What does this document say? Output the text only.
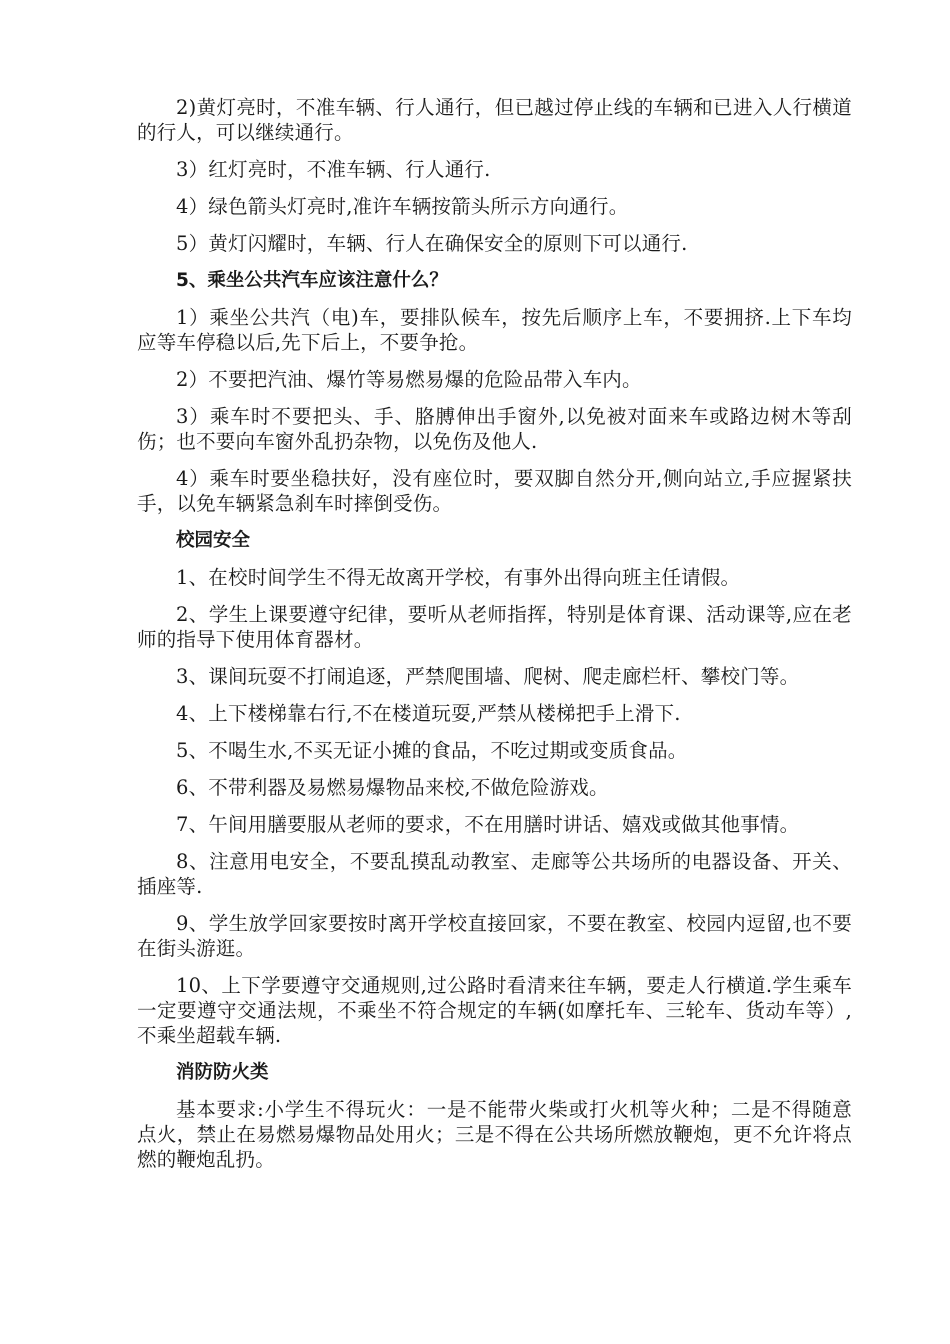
2)黄灯亮时，不准车辆、行人通行，但已越过停止线的车辆和已进入人行横道的行人，可以继续通行。

3）红灯亮时，不准车辆、行人通行.

4）绿色箭头灯亮时,准许车辆按箭头所示方向通行。

5）黄灯闪耀时，车辆、行人在确保安全的原则下可以通行.

5、乘坐公共汽车应该注意什么？

1）乘坐公共汽（电)车，要排队候车，按先后顺序上车，不要拥挤.上下车均应等车停稳以后,先下后上，不要争抢。

2）不要把汽油、爆竹等易燃易爆的危险品带入车内。

3）乘车时不要把头、手、胳膊伸出手窗外,以免被对面来车或路边树木等刮伤；也不要向车窗外乱扔杂物，以免伤及他人.

4）乘车时要坐稳扶好，没有座位时，要双脚自然分开,侧向站立,手应握紧扶手，以免车辆紧急刹车时摔倒受伤。

校园安全

1、在校时间学生不得无故离开学校，有事外出得向班主任请假。

2、学生上课要遵守纪律，要听从老师指挥，特别是体育课、活动课等,应在老师的指导下使用体育器材。

3、课间玩耍不打闹追逐，严禁爬围墙、爬树、爬走廊栏杆、攀校门等。

4、上下楼梯靠右行,不在楼道玩耍,严禁从楼梯把手上滑下.

5、不喝生水,不买无证小摊的食品，不吃过期或变质食品。

6、不带利器及易燃易爆物品来校,不做危险游戏。

7、午间用膳要服从老师的要求，不在用膳时讲话、嬉戏或做其他事情。

8、注意用电安全，不要乱摸乱动教室、走廊等公共场所的电器设备、开关、插座等.

9、学生放学回家要按时离开学校直接回家，不要在教室、校园内逗留,也不要在街头游逛。

10、上下学要遵守交通规则,过公路时看清来往车辆，要走人行横道.学生乘车一定要遵守交通法规，不乘坐不符合规定的车辆(如摩托车、三轮车、货动车等）,不乘坐超载车辆.

消防防火类

基本要求:小学生不得玩火：一是不能带火柴或打火机等火种；二是不得随意点火，禁止在易燃易爆物品处用火；三是不得在公共场所燃放鞭炮，更不允许将点燃的鞭炮乱扔。
